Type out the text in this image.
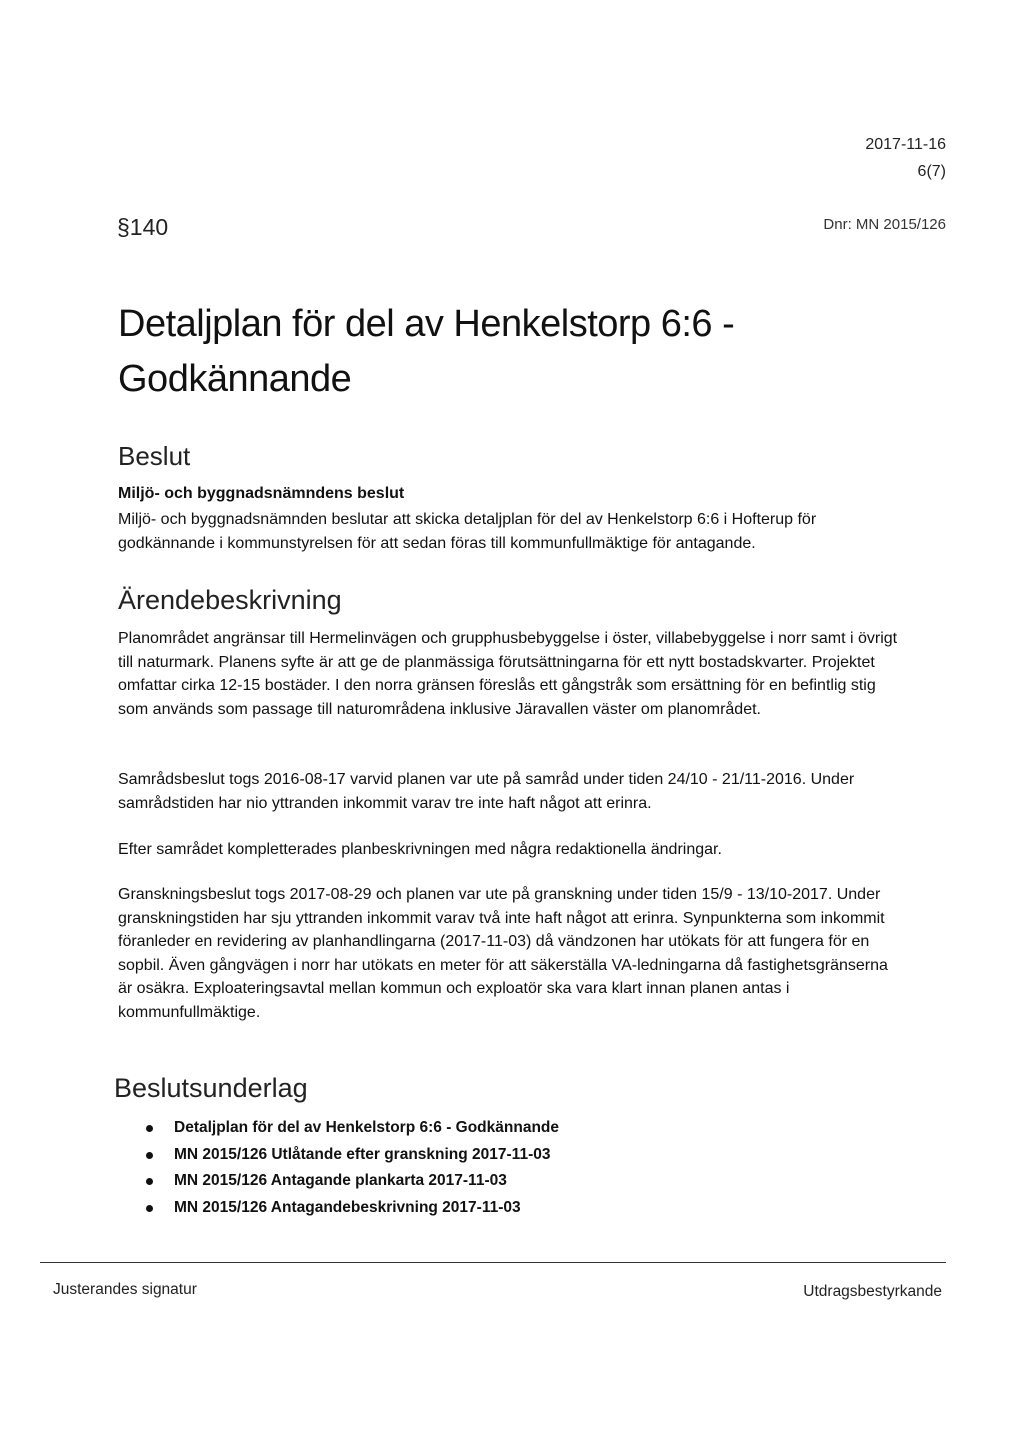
2017-11-16
6(7)
§140	Dnr: MN 2015/126
Detaljplan för del av Henkelstorp 6:6 - Godkännande
Beslut
Miljö- och byggnadsnämndens beslut

Miljö- och byggnadsnämnden beslutar att skicka detaljplan för del av Henkelstorp 6:6 i Hofterup för godkännande i kommunstyrelsen för att sedan föras till kommunfullmäktige för antagande.

Ärendebeskrivning

Planområdet angränsar till Hermelinvägen och grupphusbebyggelse i öster, villabebyggelse i norr samt i övrigt till naturmark. Planens syfte är att ge de planmässiga förutsättningarna för ett nytt bostadskvarter. Projektet omfattar cirka 12-15 bostäder. I den norra gränsen föreslås ett gångstråk som ersättning för en befintlig stig som används som passage till naturområdena inklusive Järavallen väster om planområdet.

Samrådsbeslut togs 2016-08-17 varvid planen var ute på samråd under tiden 24/10 - 21/11-2016. Under samrådstiden har nio yttranden inkommit varav tre inte haft något att erinra.

Efter samrådet kompletterades planbeskrivningen med några redaktionella ändringar.

Granskningsbeslut togs 2017-08-29 och planen var ute på granskning under tiden 15/9 - 13/10-2017. Under granskningstiden har sju yttranden inkommit varav två inte haft något att erinra. Synpunkterna som inkommit föranleder en revidering av planhandlingarna (2017-11-03) då vändzonen har utökats för att fungera för en sopbil. Även gångvägen i norr har utökats en meter för att säkerställa VA-ledningarna då fastighetsgränserna är osäkra. Exploateringsavtal mellan kommun och exploatör ska vara klart innan planen antas i kommunfullmäktige.

Beslutsunderlag
Detaljplan för del av Henkelstorp 6:6 - Godkännande
MN 2015/126 Utlåtande efter granskning 2017-11-03
MN 2015/126 Antagande plankarta 2017-11-03
MN 2015/126 Antagandebeskrivning 2017-11-03
Justerandes signatur	Utdragsbestyrkande
